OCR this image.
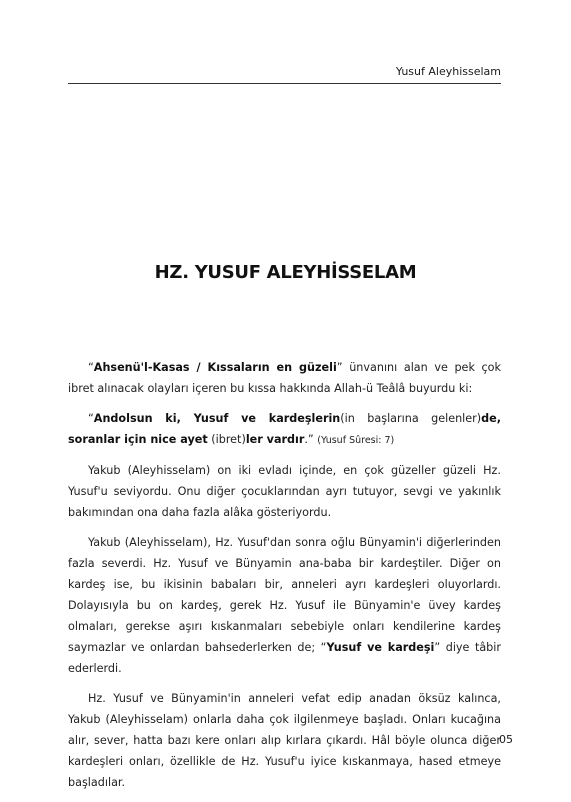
Yusuf Aleyhisselam
HZ. YUSUF ALEYHİSSELAM

“Ahsenü'l-Kasas / Kıssaların en güzeli” ünvanını alan ve pek çok ibret alınacak olayları içeren bu kıssa hakkında Allah-ü Teâlâ buyurdu ki:

“Andolsun ki, Yusuf ve kardeşlerin(in başlarına gelenler)de, soranlar için nice ayet (ibret)ler vardır.” (Yusuf Sûresi: 7)

Yakub (Aleyhisselam) on iki evladı içinde, en çok güzeller güzeli Hz. Yusuf'u seviyordu. Onu diğer çocuklarından ayrı tutuyor, sevgi ve yakınlık bakımından ona daha fazla alâka gösteriyordu.

Yakub (Aleyhisselam), Hz. Yusuf'dan sonra oğlu Bünyamin'i diğerlerinden fazla severdi. Hz. Yusuf ve Bünyamin ana-baba bir kardeştiler. Diğer on kardeş ise, bu ikisinin babaları bir, anneleri ayrı kardeşleri oluyorlardı. Dolayısıyla bu on kardeş, gerek Hz. Yusuf ile Bünyamin'e üvey kardeş olmaları, gerekse aşırı kıskanmaları sebebiyle onları kendilerine kardeş saymazlar ve onlardan bahsederlerken de; “Yusuf ve kardeşi” diye tâbir ederlerdi.

Hz. Yusuf ve Bünyamin'in anneleri vefat edip anadan öksüz kalınca, Yakub (Aleyhisselam) onlarla daha çok ilgilenmeye başladı. Onları kucağına alır, sever, hatta bazı kere onları alıp kırlara çıkardı. Hâl böyle olunca diğer kardeşleri onları, özellikle de Hz. Yusuf'u iyice kıskanmaya, hased etmeye başladılar.

05
